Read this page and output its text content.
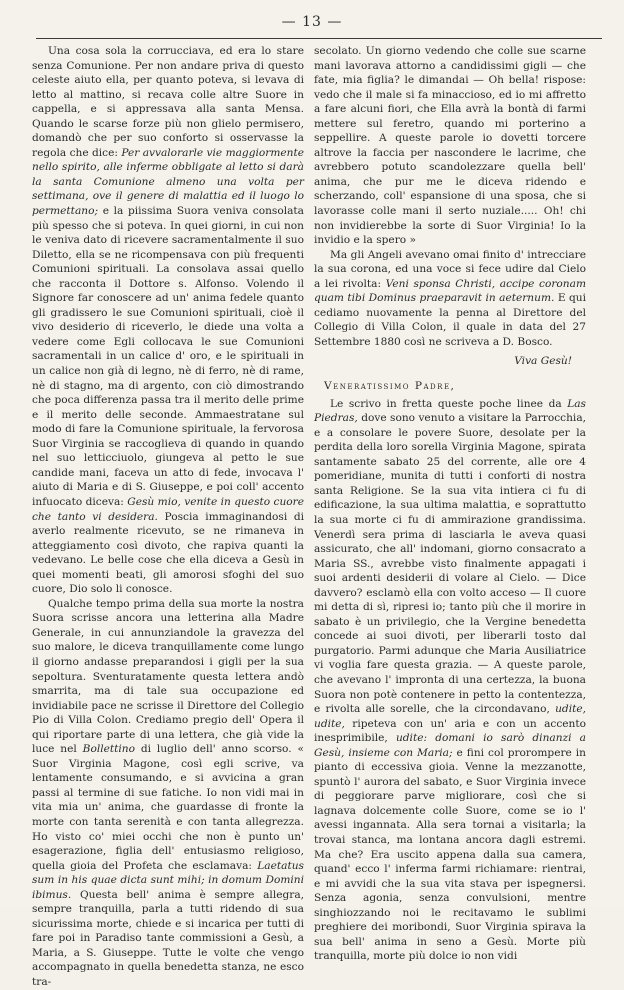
— 13 —

Una cosa sola la corrucciava, ed era lo stare senza Comunione. Per non andare priva di questo celeste aiuto ella, per quanto poteva, si levava di letto al mattino, si recava colle altre Suore in cappella, e si appressava alla santa Mensa. Quando le scarse forze più non glielo permisero, domandò che per suo conforto si osservasse la regola che dice: Per avvalorarle vie maggiormente nello spirito, alle inferme obbligate al letto si darà la santa Comunione almeno una volta per settimana, ove il genere di malattia ed il luogo lo permettano; e la piissima Suora veniva consolata più spesso che si poteva. In quei giorni, in cui non le veniva dato di ricevere sacramentalmente il suo Diletto, ella se ne ricompensava con più frequenti Comunioni spirituali. La consolava assai quello che racconta il Dottore s. Alfonso. Volendo il Signore far conoscere ad un' anima fedele quanto gli gradissero le sue Comunioni spirituali, cioè il vivo desiderio di riceverlo, le diede una volta a vedere come Egli collocava le sue Comunioni sacramentali in un calice d' oro, e le spirituali in un calice non già di legno, nè di ferro, nè di rame, nè di stagno, ma di argento, con ciò dimostrando che poca differenza passa tra il merito delle prime e il merito delle seconde. Ammaestratane sul modo di fare la Comunione spirituale, la fervorosa Suor Virginia se raccoglieva di quando in quando nel suo letticciuolo, giungeva al petto le sue candide mani, faceva un atto di fede, invocava l' aiuto di Maria e di S. Giuseppe, e poi coll' accento infuocato diceva: Gesù mio, venite in questo cuore che tanto vi desidera. Poscia immaginandosi di averlo realmente ricevuto, se ne rimaneva in atteggiamento così divoto, che rapiva quanti la vedevano. Le belle cose che ella diceva a Gesù in quei momenti beati, gli amorosi sfoghi del suo cuore, Dio solo li conosce.

Qualche tempo prima della sua morte la nostra Suora scrisse ancora una letterina alla Madre Generale, in cui annunziandole la gravezza del suo malore, le diceva tranquillamente come lungo il giorno andasse preparandosi i gigli per la sua sepoltura. Sventuratamente questa lettera andò smarrita, ma di tale sua occupazione ed invidiabile pace ne scrisse il Direttore del Collegio Pio di Villa Colon. Crediamo pregio dell' Opera il qui riportare parte di una lettera, che già vide la luce nel Bollettino di luglio dell' anno scorso. « Suor Virginia Magone, così egli scrive, va lentamente consumando, e si avvicina a gran passi al termine di sue fatiche. Io non vidi mai in vita mia un' anima, che guardasse di fronte la morte con tanta serenità e con tanta allegrezza. Ho visto co' miei occhi che non è punto un' esagerazione, figlia dell' entusiasmo religioso, quella gioia del Profeta che esclamava: Laetatus sum in his quae dicta sunt mihi; in domum Domini ibimus. Questa bell' anima è sempre allegra, sempre tranquilla, parla a tutti ridendo di sua sicurissima morte, chiede e si incarica per tutti di fare poi in Paradiso tante commissioni a Gesù, a Maria, a S. Giuseppe. Tutte le volte che vengo accompagnato in quella benedetta stanza, ne esco tra-

secolato. Un giorno vedendo che colle sue scarne mani lavorava attorno a candidissimi gigli — che fate, mia figlia? le dimandai — Oh bella! rispose: vedo che il male si fa minaccioso, ed io mi affretto a fare alcuni fiori, che Ella avrà la bontà di farmi mettere sul feretro, quando mi porterino a seppellire. A queste parole io dovetti torcere altrove la faccia per nascondere le lacrime, che avrebbero potuto scandolezzare quella bell' anima, che pur me le diceva ridendo e scherzando, coll' espansione di una sposa, che si lavorasse colle mani il serto nuziale..... Oh! chi non invidierebbe la sorte di Suor Virginia! Io la invidio e la spero »

Ma gli Angeli avevano omai finito d' intrecciare la sua corona, ed una voce si fece udire dal Cielo a lei rivolta: Veni sponsa Christi, accipe coronam quam tibi Dominus praeparavit in aeternum. E qui cediamo nuovamente la penna al Direttore del Collegio di Villa Colon, il quale in data del 27 Settembre 1880 così ne scriveva a D. Bosco.

Viva Gesù!
Veneratissimo Padre,

Le scrivo in fretta queste poche linee da Las Piedras, dove sono venuto a visitare la Parrocchia, e a consolare le povere Suore, desolate per la perdita della loro sorella Virginia Magone, spirata santamente sabato 25 del corrente, alle ore 4 pomeridiane, munita di tutti i conforti di nostra santa Religione. Se la sua vita intiera ci fu di edificazione, la sua ultima malattia, e soprattutto la sua morte ci fu di ammirazione grandissima. Venerdì sera prima di lasciarla le aveva quasi assicurato, che all' indomani, giorno consacrato a Maria SS., avrebbe visto finalmente appagati i suoi ardenti desiderii di volare al Cielo. — Dice davvero? esclamò ella con volto acceso — Il cuore mi detta di sì, ripresi io; tanto più che il morire in sabato è un privilegio, che la Vergine benedetta concede ai suoi divoti, per liberarli tosto dal purgatorio. Parmi adunque che Maria Ausiliatrice vi voglia fare questa grazia. — A queste parole, che avevano l' impronta di una certezza, la buona Suora non potè contenere in petto la contentezza, e rivolta alle sorelle, che la circondavano, udite, udite, ripeteva con un' aria e con un accento inesprimibile, udite: domani io sarò dinanzi a Gesù, insieme con Maria; e fini col prorompere in pianto di eccessiva gioia. Venne la mezzanotte, spuntò l' aurora del sabato, e Suor Virginia invece di peggiorare parve migliorare, così che si lagnava dolcemente colle Suore, come se io l' avessi ingannata. Alla sera tornai a visitarla; la trovai stanca, ma lontana ancora dagli estremi. Ma che? Era uscito appena dalla sua camera, quand' ecco l' inferma farmi richiamare: rientrai, e mi avvidi che la sua vita stava per ispegnersi. Senza agonia, senza convulsioni, mentre singhiozzando noi le recitavamo le sublimi preghiere dei moribondi, Suor Virginia spirava la sua bell' anima in seno a Gesù. Morte più tranquilla, morte più dolce io non vidi
